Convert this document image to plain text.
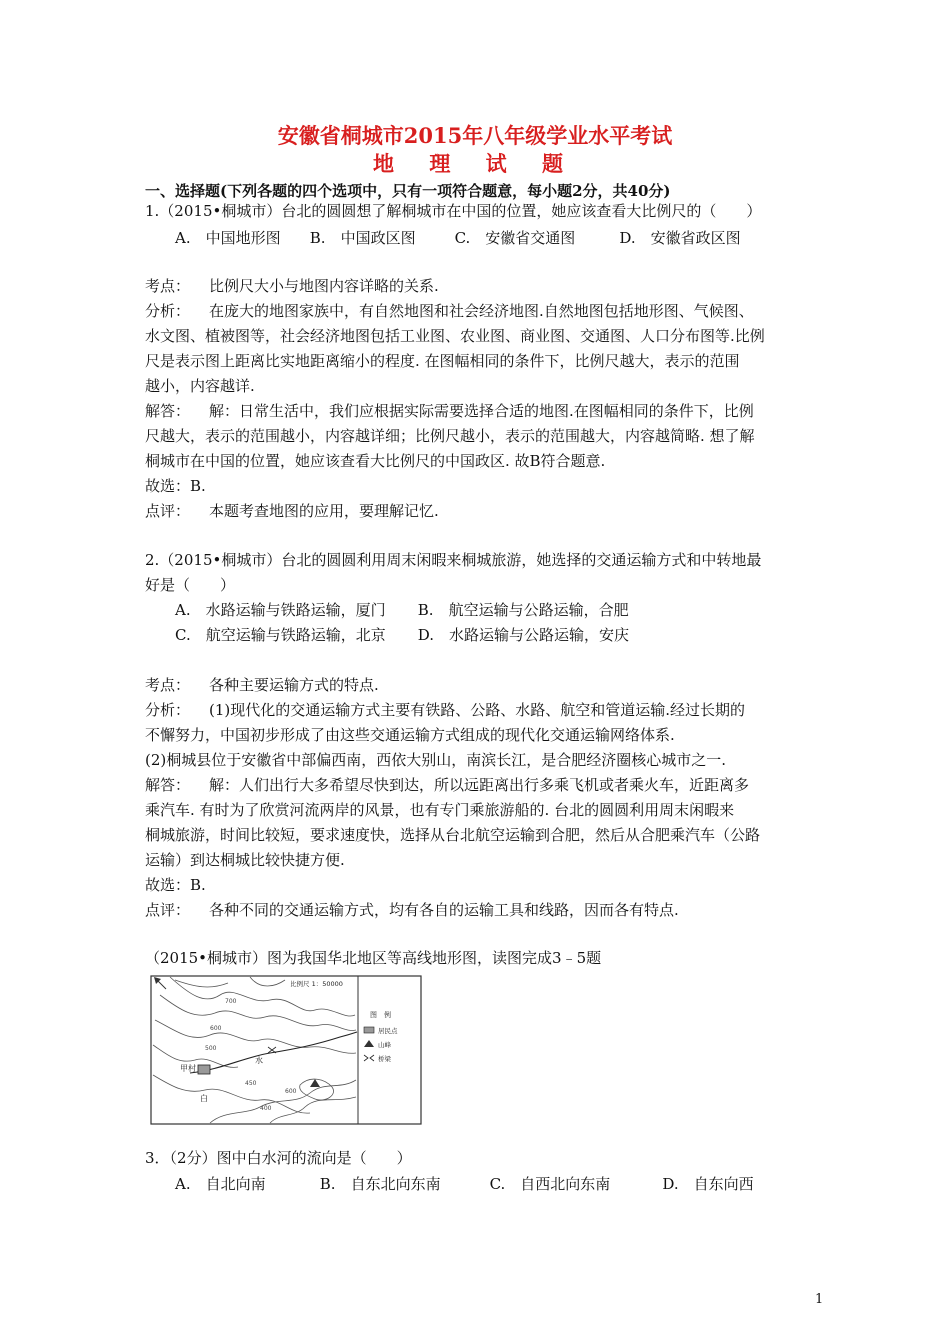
安徽省桐城市2015年八年级学业水平考试
地 理 试 题
一、选择题(下列各题的四个选项中，只有一项符合题意，每小题2分，共40分)
1.（2015•桐城市）台北的圆圆想了解桐城市在中国的位置，她应该查看大比例尺的（　　）
A.　中国地形图 B.　中国政区图	C.　安徽省交通图	D.　安徽省政区图
考点： 比例尺大小与地图内容详略的关系.
分析： 在庞大的地图家族中，有自然地图和社会经济地图.自然地图包括地形图、气候图、
水文图、植被图等，社会经济地图包括工业图、农业图、商业图、交通图、人口分布图等.比例
尺是表示图上距离比实地距离缩小的程度. 在图幅相同的条件下，比例尺越大，表示的范围
越小，内容越详.
解答： 解：日常生活中，我们应根据实际需要选择合适的地图.在图幅相同的条件下，比例
尺越大，表示的范围越小，内容越详细；比例尺越小，表示的范围越大，内容越简略. 想了解
桐城市在中国的位置，她应该查看大比例尺的中国政区. 故B符合题意.
故选：B.
点评： 本题考查地图的应用，要理解记忆.
2.（2015•桐城市）台北的圆圆利用周末闲暇来桐城旅游，她选择的交通运输方式和中转地最
好是（　　）
A.　水路运输与铁路运输，厦门 B.　航空运输与公路运输，合肥
C.　航空运输与铁路运输，北京 D.　水路运输与公路运输，安庆
考点： 各种主要运输方式的特点.
分析： (1)现代化的交通运输方式主要有铁路、公路、水路、航空和管道运输.经过长期的
不懈努力，中国初步形成了由这些交通运输方式组成的现代化交通运输网络体系.
(2)桐城县位于安徽省中部偏西南，西依大别山，南滨长江，是合肥经济圈核心城市之一.
解答： 解：人们出行大多希望尽快到达，所以远距离出行多乘飞机或者乘火车，近距离多
乘汽车. 有时为了欣赏河流两岸的风景，也有专门乘旅游船的. 台北的圆圆利用周末闲暇来
桐城旅游，时间比较短，要求速度快，选择从台北航空运输到合肥，然后从合肥乘汽车（公路
运输）到达桐城比较快捷方便.
故选：B.
点评： 各种不同的交通运输方式，均有各自的运输工具和线路，因而各有特点.
（2015•桐城市）图为我国华北地区等高线地形图，读图完成3﹣5题
甲村
水
白
700
600
500
400
600
450
比例尺 1：50000
图　例
居民点
山峰
桥梁
3．（2分）图中白水河的流向是（　　）
A.　自北向南	B.　自东北向东南	C.　自西北向东南	D.　自东向西
1
